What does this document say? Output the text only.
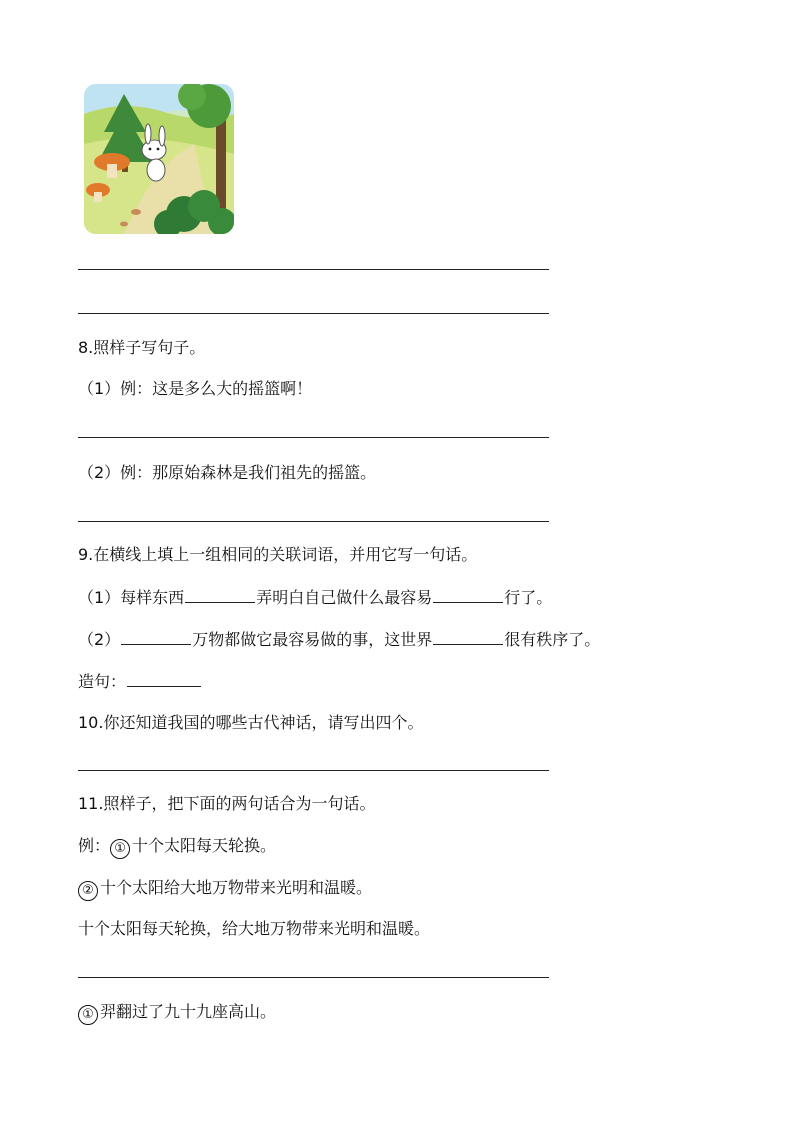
8.照样子写句子。
（1）例：这是多么大的摇篮啊！
（2）例：那原始森林是我们祖先的摇篮。
9.在横线上填上一组相同的关联词语，并用它写一句话。
（1）每样东西	弄明白自己做什么最容易	行了。
（2）	万物都做它最容易做的事，这世界	很有秩序了。
造句：
10.你还知道我国的哪些古代神话，请写出四个。
11.照样子，把下面的两句话合为一句话。
例： ① 十个太阳每天轮换。
② 十个太阳给大地万物带来光明和温暖。
十个太阳每天轮换，给大地万物带来光明和温暖。
① 羿翻过了九十九座高山。
